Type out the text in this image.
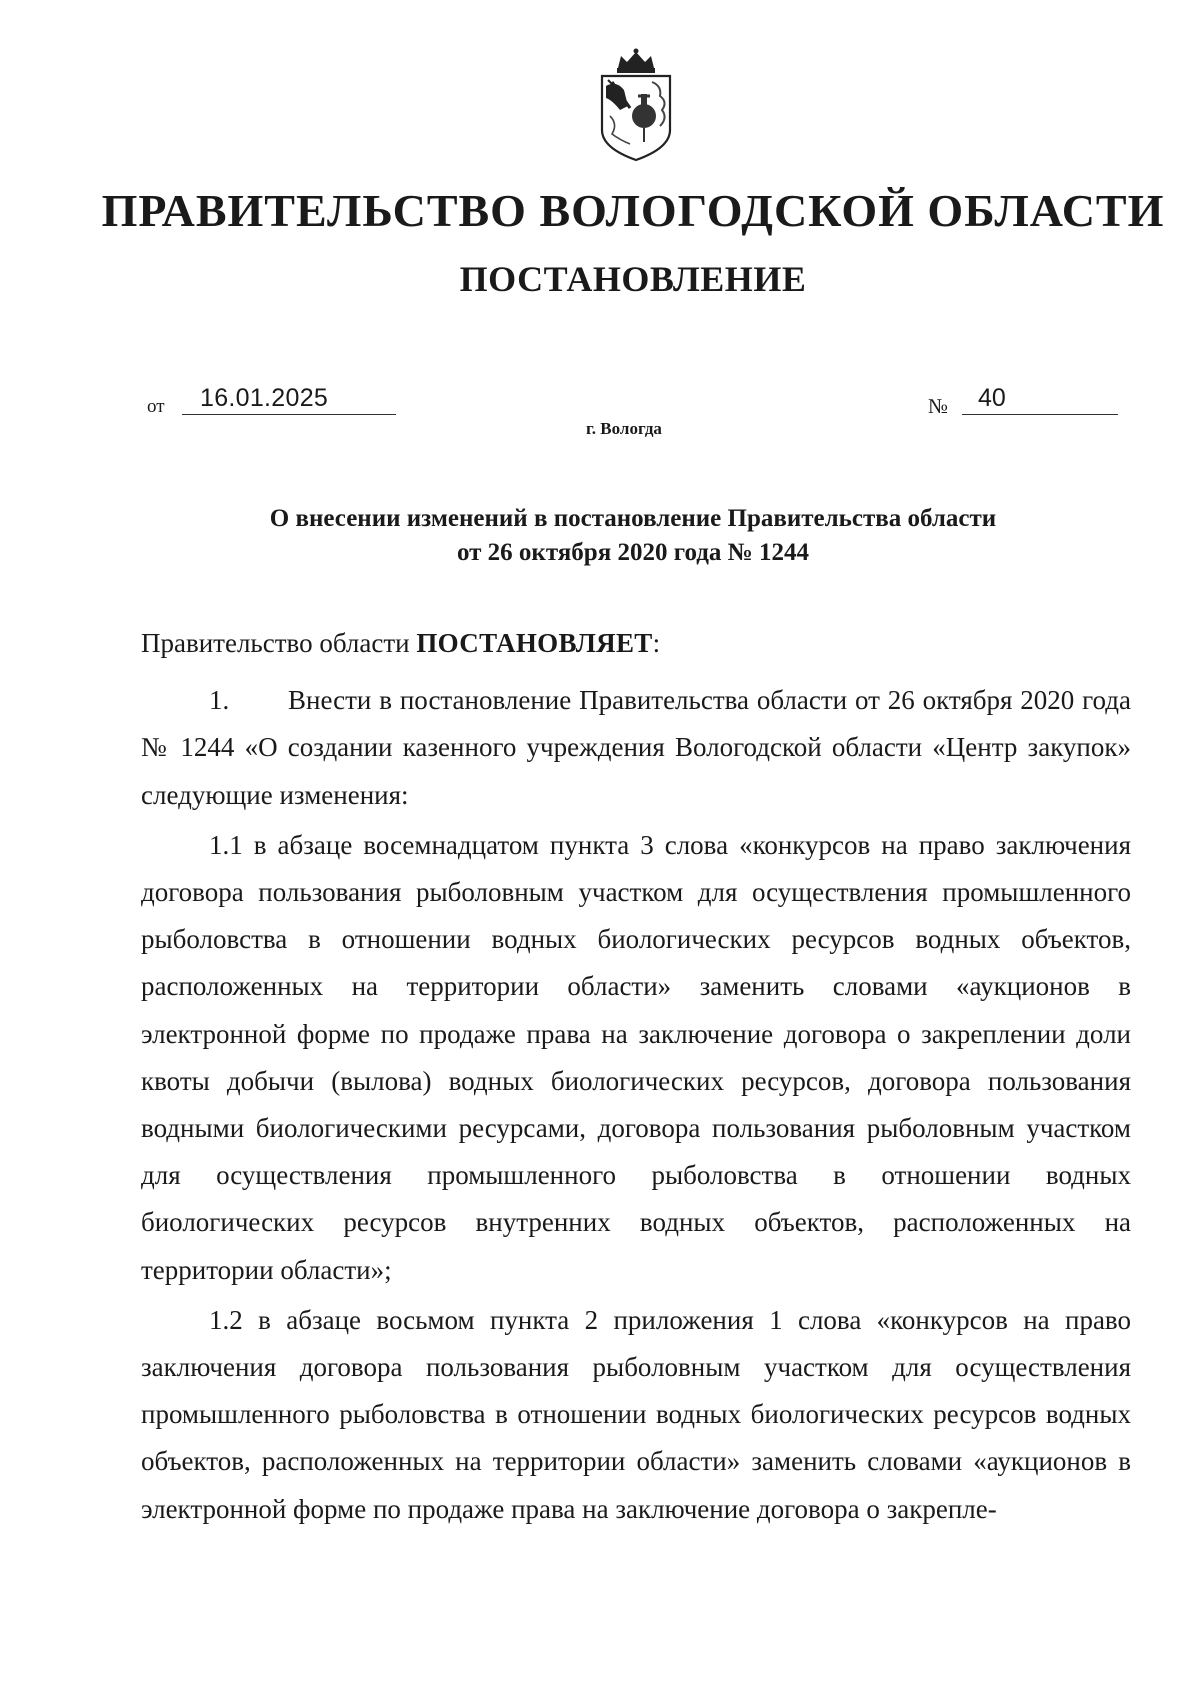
ПРАВИТЕЛЬСТВО ВОЛОГОДСКОЙ ОБЛАСТИ
ПОСТАНОВЛЕНИЕ
от 16.01.2025	№ 40
г. Вологда
О внесении изменений в постановление Правительства области
от 26 октября 2020 года № 1244

Правительство области ПОСТАНОВЛЯЕТ:

1. Внести в постановление Правительства области от 26 октября 2020 года № 1244 «О создании казенного учреждения Вологодской области «Центр закупок» следующие изменения:

1.1 в абзаце восемнадцатом пункта 3 слова «конкурсов на право заключения договора пользования рыболовным участком для осуществления промышленного рыболовства в отношении водных биологических ресурсов водных объектов, расположенных на территории области» заменить словами «аукционов в электронной форме по продаже права на заключение договора о закреплении доли квоты добычи (вылова) водных биологических ресурсов, договора пользования водными биологическими ресурсами, договора пользования рыболовным участком для осуществления промышленного рыболовства в отношении водных биологических ресурсов внутренних водных объектов, расположенных на территории области»;

1.2 в абзаце восьмом пункта 2 приложения 1 слова «конкурсов на право заключения договора пользования рыболовным участком для осуществления промышленного рыболовства в отношении водных биологических ресурсов водных объектов, расположенных на территории области» заменить словами «аукционов в электронной форме по продаже права на заключение договора о закрепле-
